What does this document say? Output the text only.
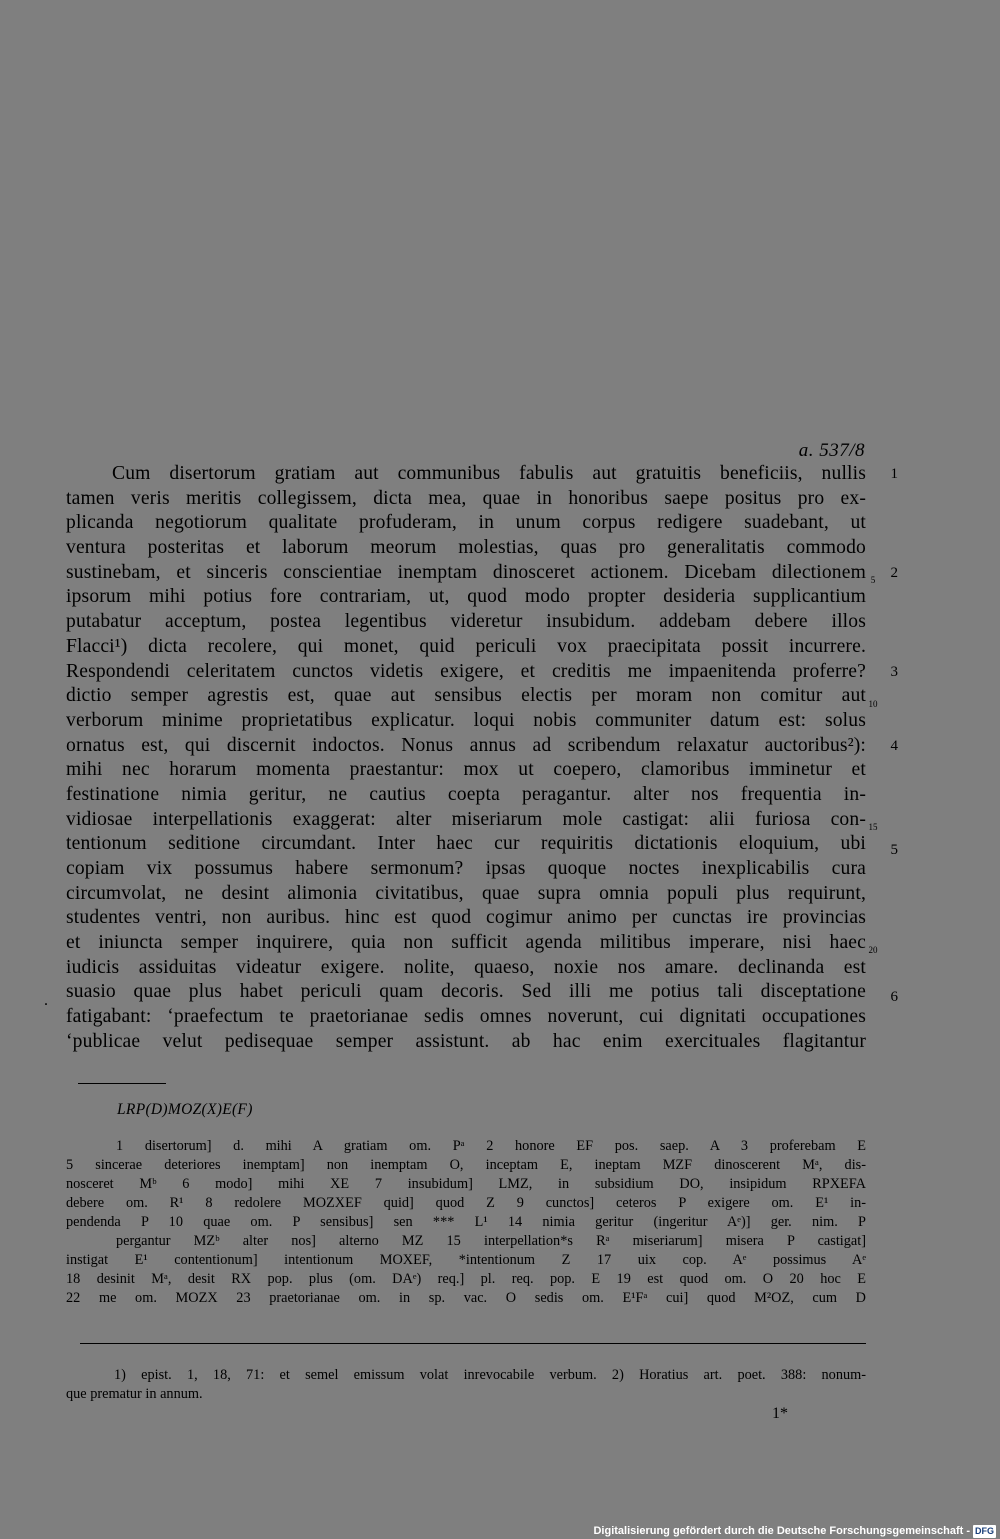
a. 537/8
Cum disertorum gratiam aut communibus fabulis aut gratuitis beneficiis, nullis
tamen veris meritis collegissem, dicta mea, quae in honoribus saepe positus pro ex-
plicanda negotiorum qualitate profuderam, in unum corpus redigere suadebant, ut
ventura posteritas et laborum meorum molestias, quas pro generalitatis commodo
sustinebam, et sinceris conscientiae inemptam dinosceret actionem. Dicebam dilectionem
ipsorum mihi potius fore contrariam, ut, quod modo propter desideria supplicantium
putabatur acceptum, postea legentibus videretur insubidum. addebam debere illos
Flacci¹) dicta recolere, qui monet, quid periculi vox praecipitata possit incurrere.
Respondendi celeritatem cunctos videtis exigere, et creditis me impaenitenda proferre?
dictio semper agrestis est, quae aut sensibus electis per moram non comitur aut
verborum minime proprietatibus explicatur. loqui nobis communiter datum est: solus
ornatus est, qui discernit indoctos. Nonus annus ad scribendum relaxatur auctoribus²):
mihi nec horarum momenta praestantur: mox ut coepero, clamoribus imminetur et
festinatione nimia geritur, ne cautius coepta peragantur. alter nos frequentia in-
vidiosae interpellationis exaggerat: alter miseriarum mole castigat: alii furiosa con-
tentionum seditione circumdant. Inter haec cur requiritis dictationis eloquium, ubi
copiam vix possumus habere sermonum? ipsas quoque noctes inexplicabilis cura
circumvolat, ne desint alimonia civitatibus, quae supra omnia populi plus requirunt,
studentes ventri, non auribus. hinc est quod cogimur animo per cunctas ire provincias
et iniuncta semper inquirere, quia non sufficit agenda militibus imperare, nisi haec
iudicis assiduitas videatur exigere. nolite, quaeso, noxie nos amare. declinanda est
suasio quae plus habet periculi quam decoris. Sed illi me potius tali disceptatione
fatigabant: ‘praefectum te praetorianae sedis omnes noverunt, cui dignitati occupationes
‘publicae velut pedisequae semper assistunt. ab hac enim exercituales flagitantur
1
2
3
4
5
6
5
10
15
20
.
LRP(D)MOZ(X)E(F)
1 disertorum] d. mihi A gratiam om. Pᵃ 2 honore EF pos. saep. A 3 proferebam E
5 sincerae deteriores inemptam] non inemptam O, inceptam E, ineptam MZF dinoscerent Mᵃ, dis-
nosceret Mᵇ 6 modo] mihi XE 7 insubidum] LMZ, in subsidium DO, insipidum RPXEFA
debere om. R¹ 8 redolere MOZXEF quid] quod Z 9 cunctos] ceteros P exigere om. E¹ in-
pendenda P 10 quae om. P sensibus] sen *** L¹ 14 nimia geritur (ingeritur Aᵉ)] ger. nim. P
pergantur MZᵇ alter nos] alterno MZ 15 interpellation*s Rᵃ miseriarum] misera P castigat]
instigat E¹ contentionum] intentionum MOXEF, *intentionum Z 17 uix cop. Aᵉ possimus Aᵉ
18 desinit Mᵃ, desit RX pop. plus (om. DAᵉ) req.] pl. req. pop. E 19 est quod om. O 20 hoc E
22 me om. MOZX 23 praetorianae om. in sp. vac. O sedis om. E¹Fᵃ cui] quod M²OZ, cum D
1) epist. 1, 18, 71: et semel emissum volat inrevocabile verbum. 2) Horatius art. poet. 388: nonum-
que prematur in annum.
1*
Digitalisierung gefördert durch die Deutsche Forschungsgemeinschaft - DFG
